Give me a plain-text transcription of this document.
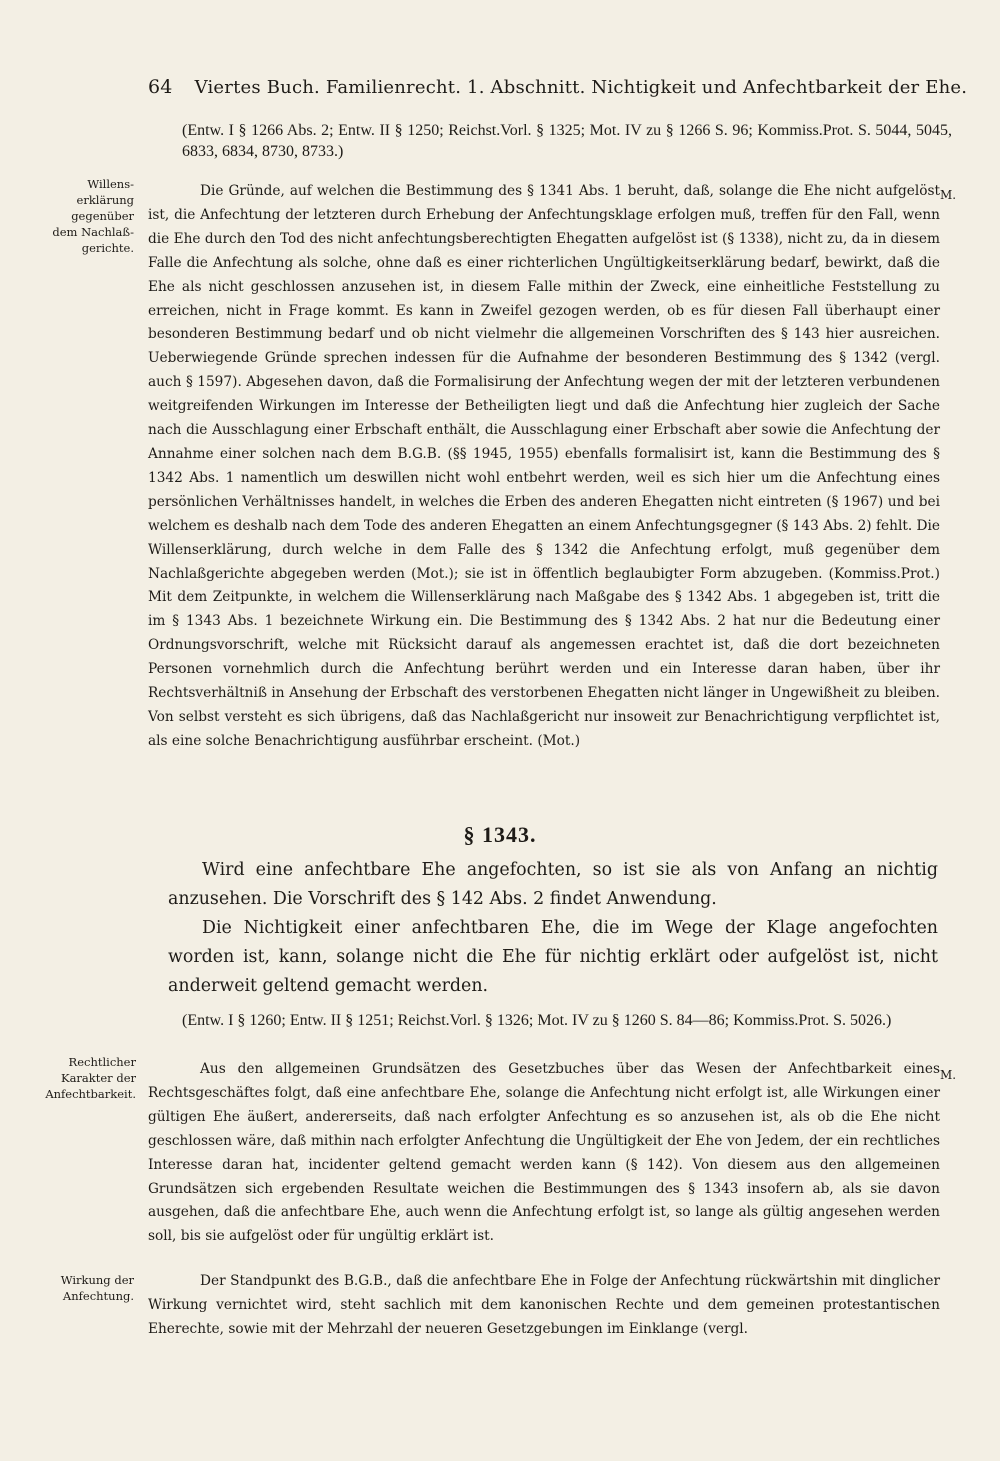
64 Viertes Buch. Familienrecht. 1. Abschnitt. Nichtigkeit und Anfechtbarkeit der Ehe.
(Entw. I § 1266 Abs. 2; Entw. II § 1250; Reichst.Vorl. § 1325; Mot. IV zu § 1266 S. 96; Kommiss.Prot. S. 5044, 5045, 6833, 6834, 8730, 8733.)
Willens-
erklärung
gegenüber
dem Nachlaß-
gerichte.
M.

Die Gründe, auf welchen die Bestimmung des § 1341 Abs. 1 beruht, daß, solange die Ehe nicht aufgelöst ist, die Anfechtung der letzteren durch Erhebung der Anfechtungsklage erfolgen muß, treffen für den Fall, wenn die Ehe durch den Tod des nicht anfechtungsberechtigten Ehegatten aufgelöst ist (§ 1338), nicht zu, da in diesem Falle die Anfechtung als solche, ohne daß es einer richterlichen Ungültigkeitserklärung bedarf, bewirkt, daß die Ehe als nicht geschlossen anzusehen ist, in diesem Falle mithin der Zweck, eine einheitliche Feststellung zu erreichen, nicht in Frage kommt. Es kann in Zweifel gezogen werden, ob es für diesen Fall überhaupt einer besonderen Bestimmung bedarf und ob nicht vielmehr die allgemeinen Vorschriften des § 143 hier ausreichen. Ueberwiegende Gründe sprechen indessen für die Aufnahme der besonderen Bestimmung des § 1342 (vergl. auch § 1597). Abgesehen davon, daß die Formalisirung der Anfechtung wegen der mit der letzteren verbundenen weitgreifenden Wirkungen im Interesse der Betheiligten liegt und daß die Anfechtung hier zugleich der Sache nach die Ausschlagung einer Erbschaft enthält, die Ausschlagung einer Erbschaft aber sowie die Anfechtung der Annahme einer solchen nach dem B.G.B. (§§ 1945, 1955) ebenfalls formalisirt ist, kann die Bestimmung des § 1342 Abs. 1 namentlich um deswillen nicht wohl entbehrt werden, weil es sich hier um die Anfechtung eines persönlichen Verhältnisses handelt, in welches die Erben des anderen Ehegatten nicht eintreten (§ 1967) und bei welchem es deshalb nach dem Tode des anderen Ehegatten an einem Anfechtungsgegner (§ 143 Abs. 2) fehlt. Die Willenserklärung, durch welche in dem Falle des § 1342 die Anfechtung erfolgt, muß gegenüber dem Nachlaßgerichte abgegeben werden (Mot.); sie ist in öffentlich beglaubigter Form abzugeben. (Kommiss.Prot.) Mit dem Zeitpunkte, in welchem die Willenserklärung nach Maßgabe des § 1342 Abs. 1 abgegeben ist, tritt die im § 1343 Abs. 1 bezeichnete Wirkung ein. Die Bestimmung des § 1342 Abs. 2 hat nur die Bedeutung einer Ordnungsvorschrift, welche mit Rücksicht darauf als angemessen erachtet ist, daß die dort bezeichneten Personen vornehmlich durch die Anfechtung berührt werden und ein Interesse daran haben, über ihr Rechtsverhältniß in Ansehung der Erbschaft des verstorbenen Ehegatten nicht länger in Ungewißheit zu bleiben. Von selbst versteht es sich übrigens, daß das Nachlaßgericht nur insoweit zur Benachrichtigung verpflichtet ist, als eine solche Benachrichtigung ausführbar erscheint. (Mot.)

§ 1343.

Wird eine anfechtbare Ehe angefochten, so ist sie als von Anfang an nichtig anzusehen. Die Vorschrift des § 142 Abs. 2 findet Anwendung.

Die Nichtigkeit einer anfechtbaren Ehe, die im Wege der Klage angefochten worden ist, kann, solange nicht die Ehe für nichtig erklärt oder aufgelöst ist, nicht anderweit geltend gemacht werden.

(Entw. I § 1260; Entw. II § 1251; Reichst.Vorl. § 1326; Mot. IV zu § 1260 S. 84—86; Kommiss.Prot. S. 5026.)
Rechtlicher
Karakter der
Anfechtbarkeit.
M.

Aus den allgemeinen Grundsätzen des Gesetzbuches über das Wesen der Anfechtbarkeit eines Rechtsgeschäftes folgt, daß eine anfechtbare Ehe, solange die Anfechtung nicht erfolgt ist, alle Wirkungen einer gültigen Ehe äußert, andererseits, daß nach erfolgter Anfechtung es so anzusehen ist, als ob die Ehe nicht geschlossen wäre, daß mithin nach erfolgter Anfechtung die Ungültigkeit der Ehe von Jedem, der ein rechtliches Interesse daran hat, incidenter geltend gemacht werden kann (§ 142). Von diesem aus den allgemeinen Grundsätzen sich ergebenden Resultate weichen die Bestimmungen des § 1343 insofern ab, als sie davon ausgehen, daß die anfechtbare Ehe, auch wenn die Anfechtung erfolgt ist, so lange als gültig angesehen werden soll, bis sie aufgelöst oder für ungültig erklärt ist.

Wirkung der
Anfechtung.

Der Standpunkt des B.G.B., daß die anfechtbare Ehe in Folge der Anfechtung rückwärtshin mit dinglicher Wirkung vernichtet wird, steht sachlich mit dem kanonischen Rechte und dem gemeinen protestantischen Eherechte, sowie mit der Mehrzahl der neueren Gesetzgebungen im Einklange (vergl.
